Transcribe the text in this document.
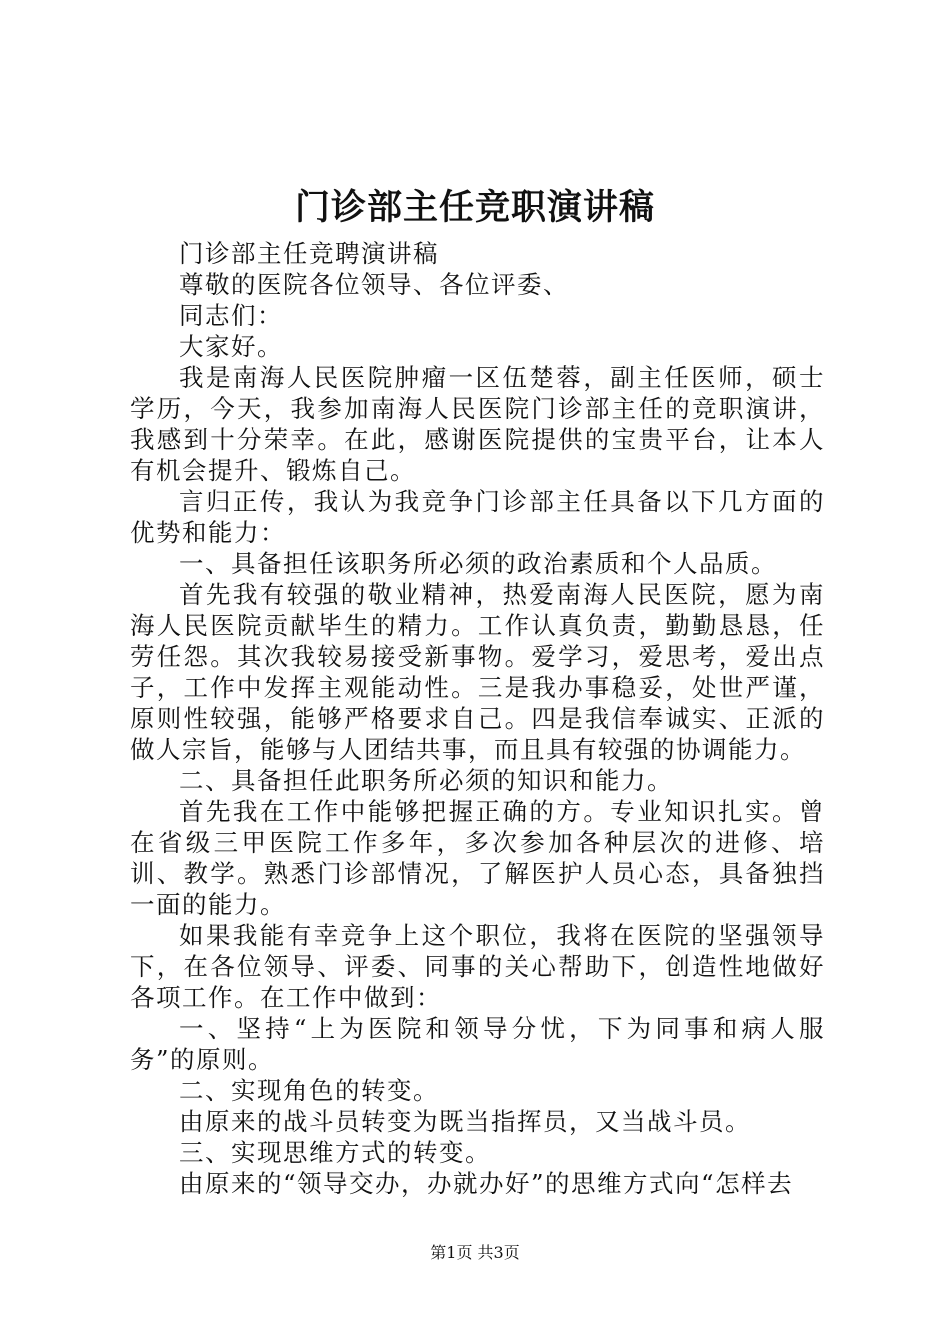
门诊部主任竞职演讲稿

门诊部主任竞聘演讲稿

尊敬的医院各位领导、各位评委、

同志们：

大家好。

我是南海人民医院肿瘤一区伍楚蓉，副主任医师，硕士学历，今天，我参加南海人民医院门诊部主任的竞职演讲，我感到十分荣幸。在此，感谢医院提供的宝贵平台，让本人有机会提升、锻炼自己。

言归正传，我认为我竞争门诊部主任具备以下几方面的优势和能力：

一、具备担任该职务所必须的政治素质和个人品质。

首先我有较强的敬业精神，热爱南海人民医院，愿为南海人民医院贡献毕生的精力。工作认真负责，勤勤恳恳，任劳任怨。其次我较易接受新事物。爱学习，爱思考，爱出点子，工作中发挥主观能动性。三是我办事稳妥，处世严谨，原则性较强，能够严格要求自己。四是我信奉诚实、正派的做人宗旨，能够与人团结共事，而且具有较强的协调能力。

二、具备担任此职务所必须的知识和能力。

首先我在工作中能够把握正确的方。专业知识扎实。曾在省级三甲医院工作多年，多次参加各种层次的进修、培训、教学。熟悉门诊部情况，了解医护人员心态，具备独挡一面的能力。

如果我能有幸竞争上这个职位，我将在医院的坚强领导下，在各位领导、评委、同事的关心帮助下，创造性地做好各项工作。在工作中做到：

一、坚持“上为医院和领导分忧，下为同事和病人服务”的原则。

二、实现角色的转变。

由原来的战斗员转变为既当指挥员，又当战斗员。

三、实现思维方式的转变。

由原来的“领导交办，办就办好”的思维方式向“怎样去

第1页 共3页
